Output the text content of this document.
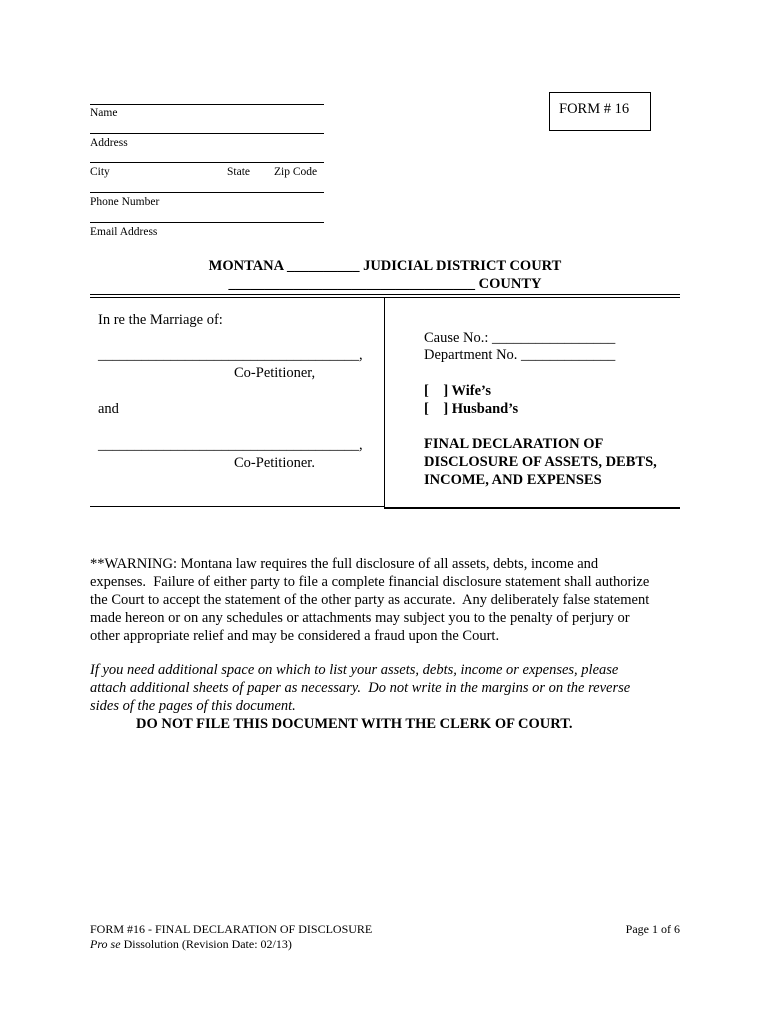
Name
Address
City	State Zip Code
Phone Number
Email Address
FORM # 16
MONTANA __________ JUDICIAL DISTRICT COURT
__________________________________ COUNTY
In re the Marriage of:
____________________________________,
Co-Petitioner,
and
____________________________________,
Co-Petitioner.
Cause No.: _________________
Department No. _____________
[    ] Wife’s
[    ] Husband’s
FINAL DECLARATION OF
DISCLOSURE OF ASSETS, DEBTS,
INCOME, AND EXPENSES

**WARNING: Montana law requires the full disclosure of all assets, debts, income and
expenses.  Failure of either party to file a complete financial disclosure statement shall authorize
the Court to accept the statement of the other party as accurate.  Any deliberately false statement
made hereon or on any schedules or attachments may subject you to the penalty of perjury or
other appropriate relief and may be considered a fraud upon the Court.

If you need additional space on which to list your assets, debts, income or expenses, please
attach additional sheets of paper as necessary.  Do not write in the margins or on the reverse
sides of the pages of this document.

DO NOT FILE THIS DOCUMENT WITH THE CLERK OF COURT.
FORM #16 - FINAL DECLARATION OF DISCLOSURE
Pro se Dissolution (Revision Date: 02/13)
Page 1 of 6
